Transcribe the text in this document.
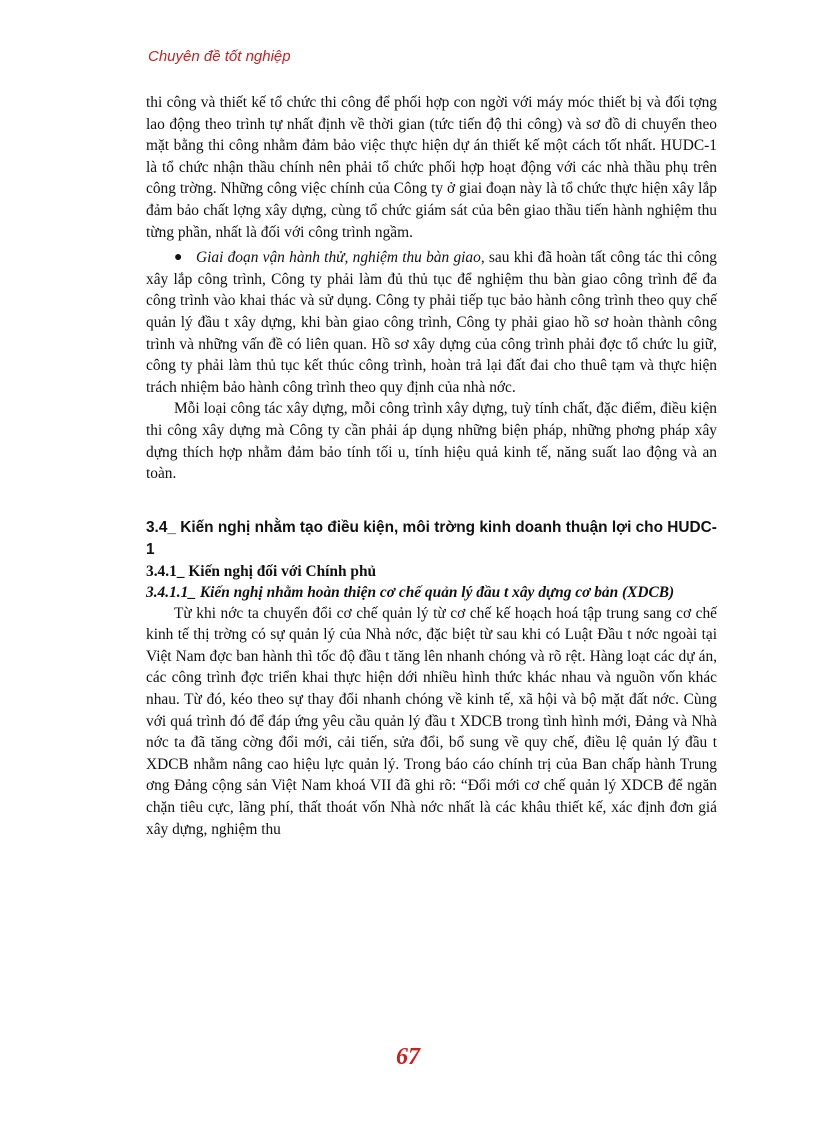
Chuyên đề tốt nghiệp

thi công và thiết kế tổ chức thi công để phối hợp con ngời với máy móc thiết bị và đối tợng lao động theo trình tự nhất định về thời gian (tức tiến độ thi công) và sơ đồ di chuyển theo mặt bằng thi công nhằm đảm bảo việc thực hiện dự án thiết kế một cách tốt nhất. HUDC-1 là tổ chức nhận thầu chính nên phải tổ chức phối hợp hoạt động với các nhà thầu phụ trên công trờng. Những công việc chính của Công ty ở giai đoạn này là tổ chức thực hiện xây lắp đảm bảo chất lợng xây dựng, cùng tổ chức giám sát của bên giao thầu tiến hành nghiệm thu từng phần, nhất là đối với công trình ngầm.

● Giai đoạn vận hành thử, nghiệm thu bàn giao, sau khi đã hoàn tất công tác thi công xây lắp công trình, Công ty phải làm đủ thủ tục để nghiệm thu bàn giao công trình để đa công trình vào khai thác và sử dụng. Công ty phải tiếp tục bảo hành công trình theo quy chế quản lý đầu t xây dựng, khi bàn giao công trình, Công ty phải giao hồ sơ hoàn thành công trình và những vấn đề có liên quan. Hồ sơ xây dựng của công trình phải đợc tổ chức lu giữ, công ty phải làm thủ tục kết thúc công trình, hoàn trả lại đất đai cho thuê tạm và thực hiện trách nhiệm bảo hành công trình theo quy định của nhà nớc.

Mỗi loại công tác xây dựng, mỗi công trình xây dựng, tuỳ tính chất, đặc điểm, điều kiện thi công xây dựng mà Công ty cần phải áp dụng những biện pháp, những phơng pháp xây dựng thích hợp nhằm đảm bảo tính tối u, tính hiệu quả kinh tế, năng suất lao động và an toàn.

3.4_ Kiến nghị nhằm tạo điều kiện, môi trờng kinh doanh thuận lợi cho HUDC-1

3.4.1_ Kiến nghị đối với Chính phủ

3.4.1.1_ Kiến nghị nhằm hoàn thiện cơ chế quản lý đầu t xây dựng cơ bản (XDCB)

Từ khi nớc ta chuyển đổi cơ chế quản lý từ cơ chế kế hoạch hoá tập trung sang cơ chế kinh tế thị trờng có sự quản lý của Nhà nớc, đặc biệt từ sau khi có Luật Đầu t nớc ngoài tại Việt Nam đợc ban hành thì tốc độ đầu t tăng lên nhanh chóng và rõ rệt. Hàng loạt các dự án, các công trình đợc triển khai thực hiện dới nhiều hình thức khác nhau và nguồn vốn khác nhau. Từ đó, kéo theo sự thay đổi nhanh chóng về kinh tế, xã hội và bộ mặt đất nớc. Cùng với quá trình đó để đáp ứng yêu cầu quản lý đầu t XDCB trong tình hình mới, Đảng và Nhà nớc ta đã tăng cờng đổi mới, cải tiến, sửa đổi, bổ sung về quy chế, điều lệ quản lý đầu t XDCB nhằm nâng cao hiệu lực quản lý. Trong báo cáo chính trị của Ban chấp hành Trung ơng Đảng cộng sản Việt Nam khoá VII đã ghi rõ: “Đổi mới cơ chế quản lý XDCB để ngăn chặn tiêu cực, lãng phí, thất thoát vốn Nhà nớc nhất là các khâu thiết kế, xác định đơn giá xây dựng, nghiệm thu

67
